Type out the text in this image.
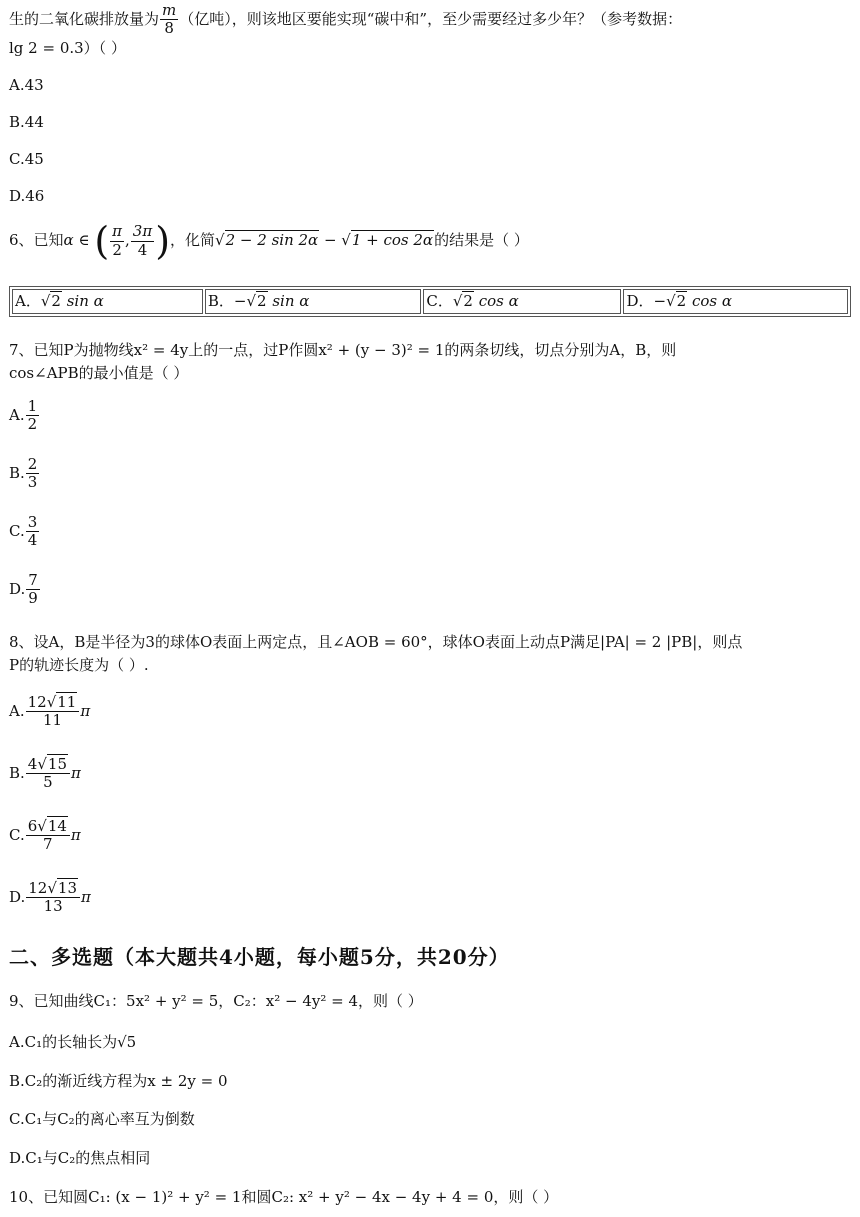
生的二氧化碳排放量为 $\frac{m}{8}$ （亿吨），则该地区要能实现“碳中和”，至少需要经过多少年？（参考数据：
lg 2 = 0.3）（ ）
A.43
B.44
C.45
D.46
6、已知α ∈ ( $\frac{\pi}{2}$ , $\frac{3\pi}{4}$ )，化简√2 − 2 sin 2α − √1 + cos 2α的结果是（ ）
A．√2 sin α	B．−√2 sin α	C．√2 cos α	D．−√2 cos α
7、已知P为抛物线x² = 4y上的一点，过P作圆x² + (y − 3)² = 1的两条切线，切点分别为A，B，则
cos∠APB的最小值是（ ）
A. $\frac{1}{2}$
B. $\frac{2}{3}$
C. $\frac{3}{4}$
D. $\frac{7}{9}$
8、设A，B是半径为3的球体O表面上两定点，且∠AOB = 60°，球体O表面上动点P满足|PA| = 2 |PB|，则点
P的轨迹长度为（ ）.
A. $\frac{12√11}{11}$ π
B. $\frac{4√15}{5}$ π
C. $\frac{6√14}{7}$ π
D. $\frac{12√13}{13}$ π
二、多选题（本大题共4小题，每小题5分，共20分）
9、已知曲线C₁：5x² + y² = 5，C₂：x² − 4y² = 4，则（ ）
A.C₁的长轴长为√5
B.C₂的渐近线方程为x ± 2y = 0
C.C₁与C₂的离心率互为倒数
D.C₁与C₂的焦点相同
10、已知圆C₁: (x − 1)² + y² = 1和圆C₂: x² + y² − 4x − 4y + 4 = 0，则（ ）
